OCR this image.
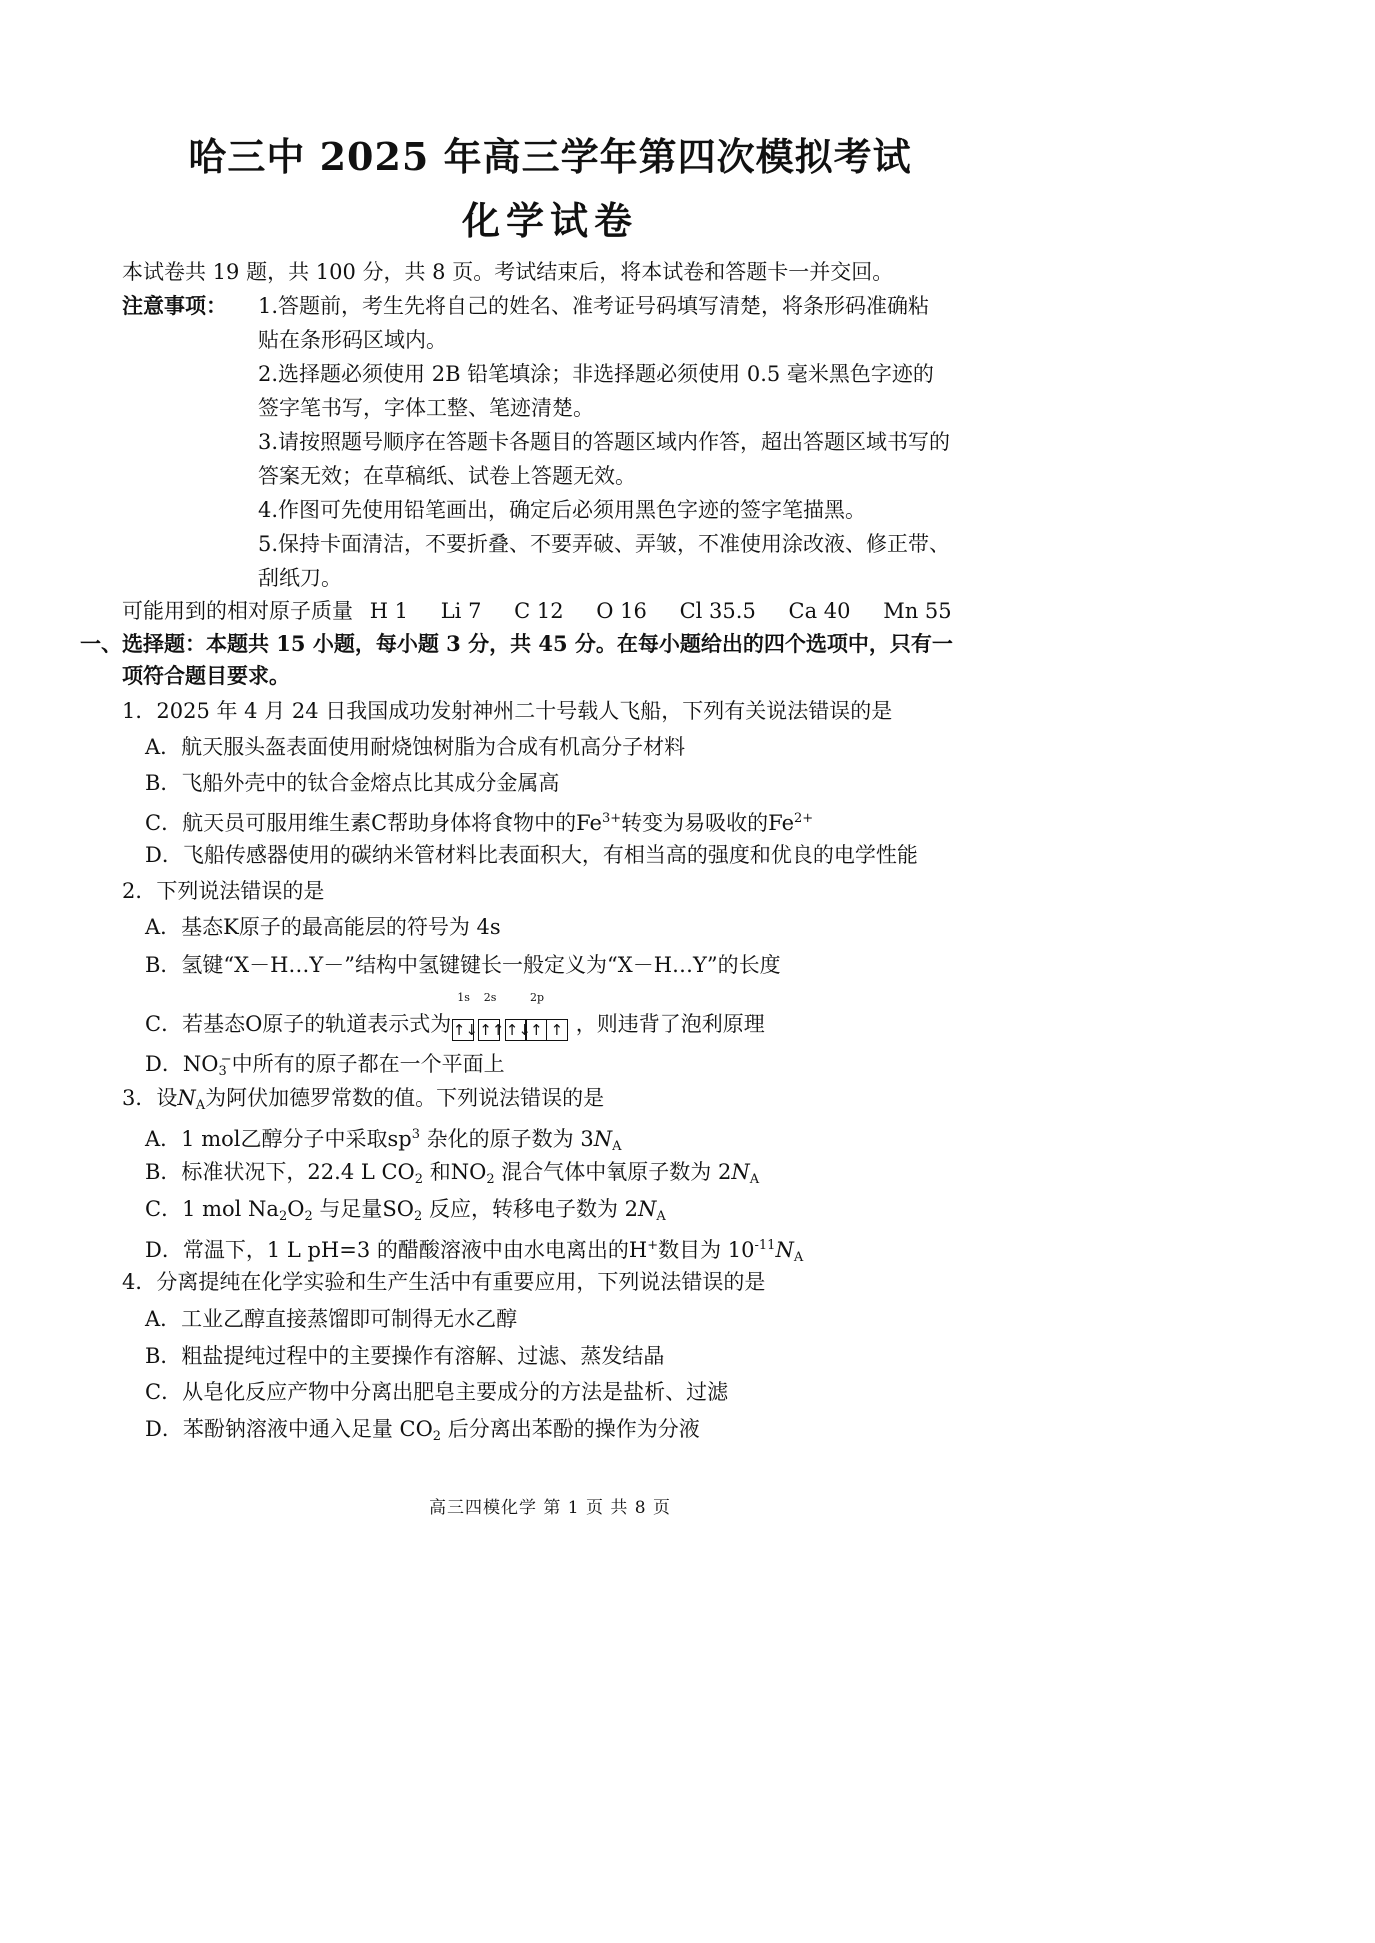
哈三中 2025 年高三学年第四次模拟考试
化学试卷
本试卷共 19 题，共 100 分，共 8 页。考试结束后，将本试卷和答题卡一并交回。
注意事项： 1.答题前，考生先将自己的姓名、准考证号码填写清楚，将条形码准确粘
贴在条形码区域内。
2.选择题必须使用 2B 铅笔填涂；非选择题必须使用 0.5 毫米黑色字迹的
签字笔书写，字体工整、笔迹清楚。
3.请按照题号顺序在答题卡各题目的答题区域内作答，超出答题区域书写的
答案无效；在草稿纸、试卷上答题无效。
4.作图可先使用铅笔画出，确定后必须用黑色字迹的签字笔描黑。
5.保持卡面清洁，不要折叠、不要弄破、弄皱，不准使用涂改液、修正带、
刮纸刀。
可能用到的相对原子质量 H 1 Li 7 C 12 O 16 Cl 35.5 Ca 40 Mn 55
一、选择题：本题共 15 小题，每小题 3 分，共 45 分。在每小题给出的四个选项中，只有一
项符合题目要求。
1．2025 年 4 月 24 日我国成功发射神州二十号载人飞船，下列有关说法错误的是
A．航天服头盔表面使用耐烧蚀树脂为合成有机高分子材料
B．飞船外壳中的钛合金熔点比其成分金属高
C．航天员可服用维生素C帮助身体将食物中的$Fe^{3+}$转变为易吸收的$Fe^{2+}$
D．飞船传感器使用的碳纳米管材料比表面积大，有相当高的强度和优良的电学性能
2．下列说法错误的是
A．基态K原子的最高能层的符号为 4s
B．氢键“X－H…Y－”结构中氢键键长一般定义为“X－H…Y”的长度
C．若基态O原子的轨道表示式为
1s
↑↓
2s
↑↑
2p
↑↓↑ ↑ ，则违背了泡利原理
D．$NO_3^-$中所有的原子都在一个平面上
3．设$N_A$为阿伏加德罗常数的值。下列说法错误的是
A．1 mol乙醇分子中采取$sp^3$ 杂化的原子数为 $3N_A$
B．标准状况下，22.4 L $CO_2$ 和$NO_2$ 混合气体中氧原子数为 $2N_A$
C．1 mol $Na_2O_2$ 与足量$SO_2$ 反应，转移电子数为 $2N_A$
D．常温下，1 L pH=3 的醋酸溶液中由水电离出的H+数目为 $10^{-11}N_A$
4．分离提纯在化学实验和生产生活中有重要应用，下列说法错误的是
A．工业乙醇直接蒸馏即可制得无水乙醇
B．粗盐提纯过程中的主要操作有溶解、过滤、蒸发结晶
C．从皂化反应产物中分离出肥皂主要成分的方法是盐析、过滤
D．苯酚钠溶液中通入足量 $CO_2$ 后分离出苯酚的操作为分液
高三四模化学 第 1 页 共 8 页
